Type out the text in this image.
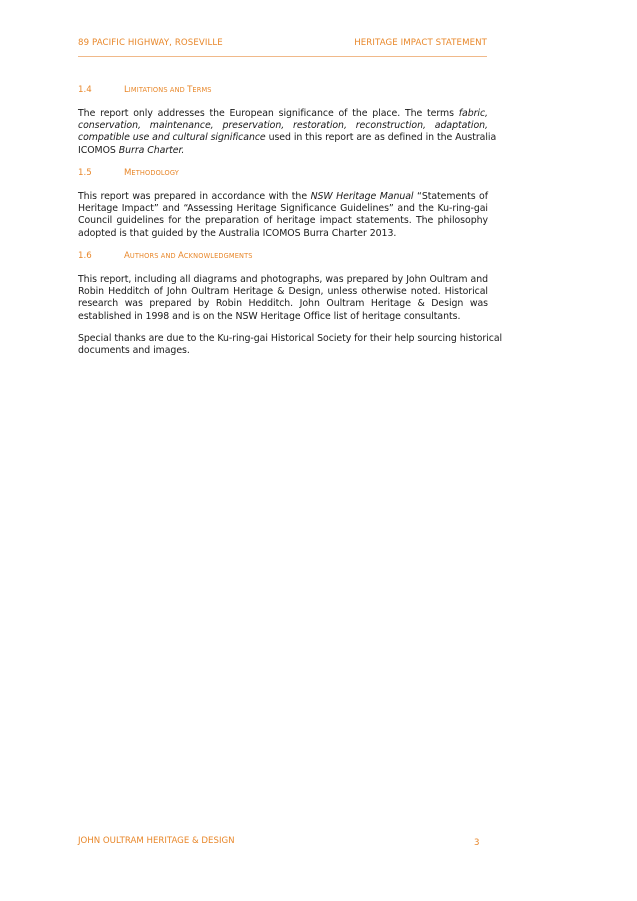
89 PACIFIC HIGHWAY, ROSEVILLE	HERITAGE IMPACT STATEMENT
1.4	LIMITATIONS AND TERMS
The report only addresses the European significance of the place. The terms fabric,
conservation, maintenance, preservation, restoration, reconstruction, adaptation,
compatible use and cultural significance used in this report are as defined in the Australia
ICOMOS Burra Charter.
1.5	METHODOLOGY
This report was prepared in accordance with the NSW Heritage Manual “Statements of
Heritage Impact” and “Assessing Heritage Significance Guidelines” and the Ku-ring-gai
Council guidelines for the preparation of heritage impact statements. The philosophy
adopted is that guided by the Australia ICOMOS Burra Charter 2013.
1.6	AUTHORS AND ACKNOWLEDGMENTS
This report, including all diagrams and photographs, was prepared by John Oultram and
Robin Hedditch of John Oultram Heritage & Design, unless otherwise noted. Historical
research was prepared by Robin Hedditch. John Oultram Heritage & Design was
established in 1998 and is on the NSW Heritage Office list of heritage consultants.
Special thanks are due to the Ku-ring-gai Historical Society for their help sourcing historical
documents and images.
JOHN OULTRAM HERITAGE & DESIGN	3
